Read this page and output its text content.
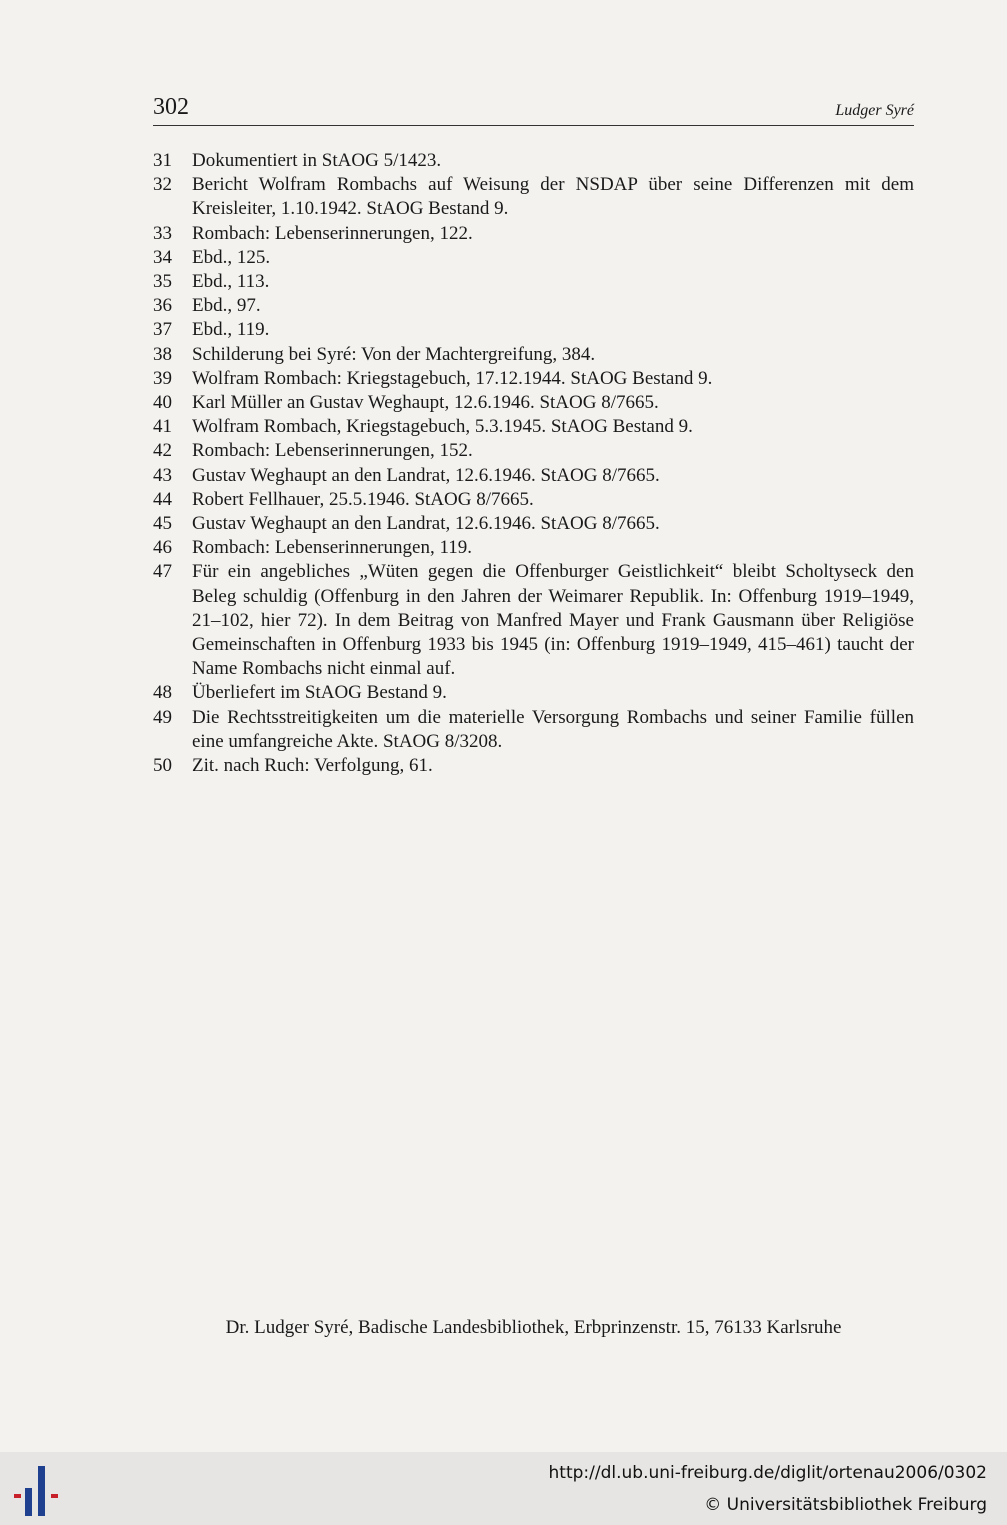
302	Ludger Syré
31 Dokumentiert in StAOG 5/1423.
32 Bericht Wolfram Rombachs auf Weisung der NSDAP über seine Differenzen mit dem Kreisleiter, 1.10.1942. StAOG Bestand 9.
33 Rombach: Lebenserinnerungen, 122.
34 Ebd., 125.
35 Ebd., 113.
36 Ebd., 97.
37 Ebd., 119.
38 Schilderung bei Syré: Von der Machtergreifung, 384.
39 Wolfram Rombach: Kriegstagebuch, 17.12.1944. StAOG Bestand 9.
40 Karl Müller an Gustav Weghaupt, 12.6.1946. StAOG 8/7665.
41 Wolfram Rombach, Kriegstagebuch, 5.3.1945. StAOG Bestand 9.
42 Rombach: Lebenserinnerungen, 152.
43 Gustav Weghaupt an den Landrat, 12.6.1946. StAOG 8/7665.
44 Robert Fellhauer, 25.5.1946. StAOG 8/7665.
45 Gustav Weghaupt an den Landrat, 12.6.1946. StAOG 8/7665.
46 Rombach: Lebenserinnerungen, 119.
47 Für ein angebliches „Wüten gegen die Offenburger Geistlichkeit“ bleibt Scholtyseck den Beleg schuldig (Offenburg in den Jahren der Weimarer Republik. In: Offenburg 1919–1949, 21–102, hier 72). In dem Beitrag von Manfred Mayer und Frank Gausmann über Religiöse Gemeinschaften in Offenburg 1933 bis 1945 (in: Offenburg 1919–1949, 415–461) taucht der Name Rombachs nicht einmal auf.
48 Überliefert im StAOG Bestand 9.
49 Die Rechtsstreitigkeiten um die materielle Versorgung Rombachs und seiner Familie füllen eine umfangreiche Akte. StAOG 8/3208.
50 Zit. nach Ruch: Verfolgung, 61.
Dr. Ludger Syré, Badische Landesbibliothek, Erbprinzenstr. 15, 76133 Karlsruhe
http://dl.ub.uni-freiburg.de/diglit/ortenau2006/0302
© Universitätsbibliothek Freiburg
